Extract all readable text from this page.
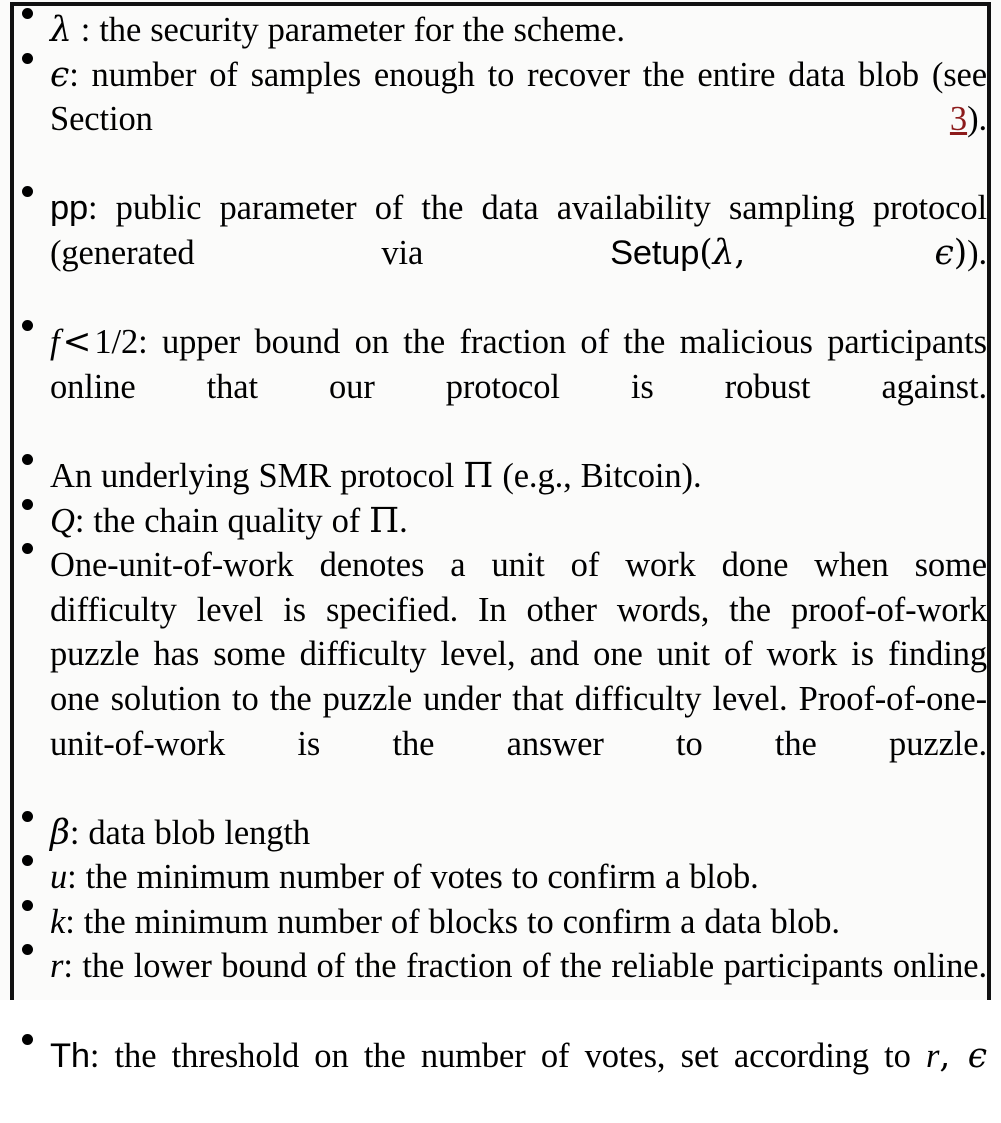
λ : the security parameter for the scheme.
ϵ: number of samples enough to recover the entire data blob (see Section 3).
pp: public parameter of the data availability sampling protocol (generated via Setup(λ, ϵ)).
f<1/2: upper bound on the fraction of the malicious participants online that our protocol is robust against.
An underlying SMR protocol Π (e.g., Bitcoin).
Q: the chain quality of Π.
One-unit-of-work denotes a unit of work done when some difficulty level is specified. In other words, the proof-of-work puzzle has some difficulty level, and one unit of work is finding one solution to the puzzle under that difficulty level. Proof-of-one-unit-of-work is the answer to the puzzle.
β: data blob length
u: the minimum number of votes to confirm a blob.
k: the minimum number of blocks to confirm a data blob.
r: the lower bound of the fraction of the reliable participants online.
Th: the threshold on the number of votes, set according to r, ϵ
